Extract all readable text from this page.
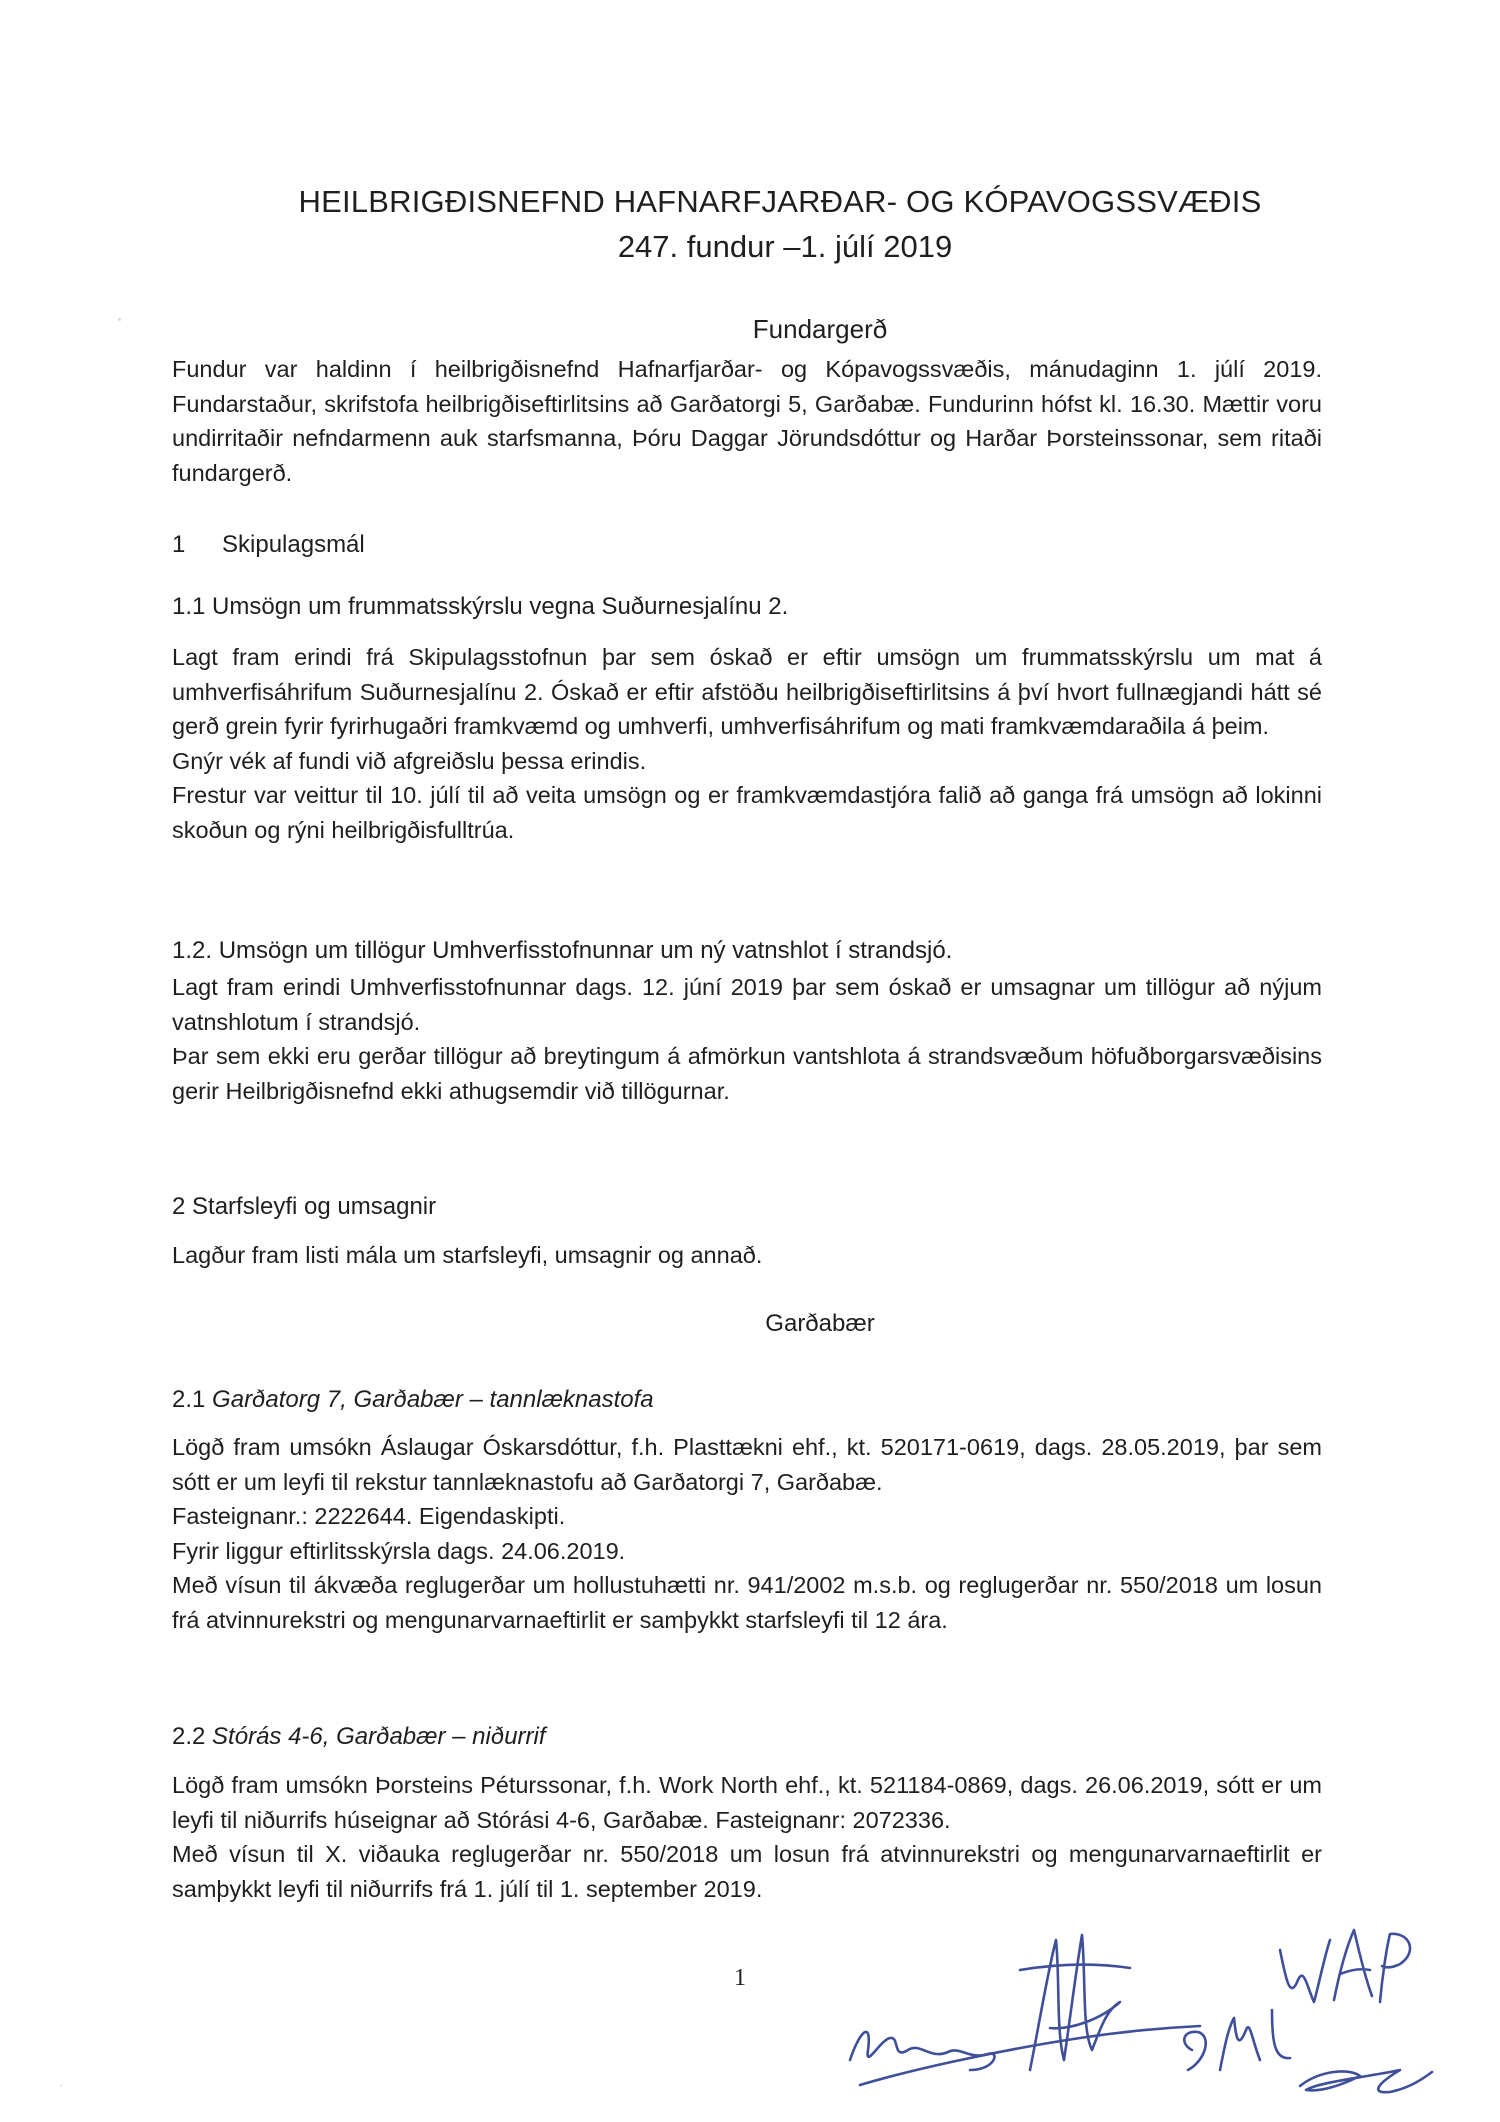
HEILBRIGÐISNEFND HAFNARFJARÐAR- OG KÓPAVOGSSVÆÐIS
247. fundur –1. júlí 2019
Fundargerð

Fundur var haldinn í heilbrigðisnefnd Hafnarfjarðar- og Kópavogssvæðis, mánudaginn 1. júlí 2019. Fundarstaður, skrifstofa heilbrigðiseftirlitsins að Garðatorgi 5, Garðabæ. Fundurinn hófst kl. 16.30. Mættir voru undirritaðir nefndarmenn auk starfsmanna, Þóru Daggar Jörundsdóttur og Harðar Þorsteinssonar, sem ritaði fundargerð.

1 Skipulagsmál
1.1 Umsögn um frummatsskýrslu vegna Suðurnesjalínu 2.

Lagt fram erindi frá Skipulagsstofnun þar sem óskað er eftir umsögn um frummatsskýrslu um mat á umhverfisáhrifum Suðurnesjalínu 2. Óskað er eftir afstöðu heilbrigðiseftirlitsins á því hvort fullnægjandi hátt sé gerð grein fyrir fyrirhugaðri framkvæmd og umhverfi, umhverfisáhrifum og mati framkvæmdaraðila á þeim.

Gnýr vék af fundi við afgreiðslu þessa erindis.

Frestur var veittur til 10. júlí til að veita umsögn og er framkvæmdastjóra falið að ganga frá umsögn að lokinni skoðun og rýni heilbrigðisfulltrúa.

1.2. Umsögn um tillögur Umhverfisstofnunnar um ný vatnshlot í strandsjó.

Lagt fram erindi Umhverfisstofnunnar dags. 12. júní 2019 þar sem óskað er umsagnar um tillögur að nýjum vatnshlotum í strandsjó.

Þar sem ekki eru gerðar tillögur að breytingum á afmörkun vantshlota á strandsvæðum höfuðborgarsvæðisins gerir Heilbrigðisnefnd ekki athugsemdir við tillögurnar.

2 Starfsleyfi og umsagnir
Lagður fram listi mála um starfsleyfi, umsagnir og annað.
Garðabær
2.1 Garðatorg 7, Garðabær – tannlæknastofa

Lögð fram umsókn Áslaugar Óskarsdóttur, f.h. Plasttækni ehf., kt. 520171-0619, dags. 28.05.2019, þar sem sótt er um leyfi til rekstur tannlæknastofu að Garðatorgi 7, Garðabæ.

Fasteignanr.: 2222644. Eigendaskipti.

Fyrir liggur eftirlitsskýrsla dags. 24.06.2019.

Með vísun til ákvæða reglugerðar um hollustuhætti nr. 941/2002 m.s.b. og reglugerðar nr. 550/2018 um losun frá atvinnurekstri og mengunarvarnaeftirlit er samþykkt starfsleyfi til 12 ára.

2.2 Stórás 4-6, Garðabær – niðurrif

Lögð fram umsókn Þorsteins Péturssonar, f.h. Work North ehf., kt. 521184-0869, dags. 26.06.2019, sótt er um leyfi til niðurrifs húseignar að Stórási 4-6, Garðabæ. Fasteignanr: 2072336.

Með vísun til X. viðauka reglugerðar nr. 550/2018 um losun frá atvinnurekstri og mengunarvarnaeftirlit er samþykkt leyfi til niðurrifs frá 1. júlí til 1. september 2019.

1
